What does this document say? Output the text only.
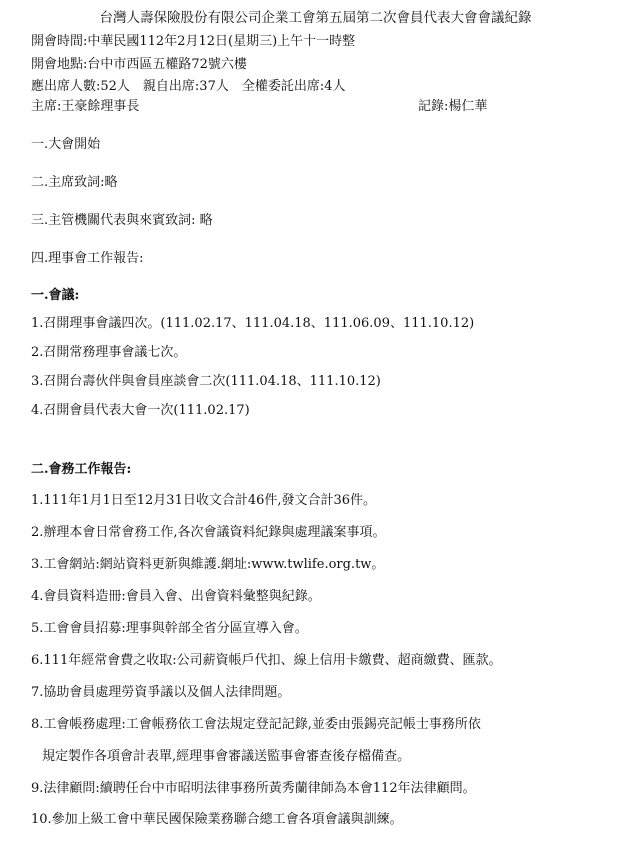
台灣人壽保險股份有限公司企業工會第五屆第二次會員代表大會會議紀錄
開會時間:中華民國112年2月12日(星期三)上午十一時整
開會地點:台中市西區五權路72號六樓
應出席人數:52人　親自出席:37人　全權委託出席:4人
主席:王豪餘理事長	記錄:楊仁華
一.大會開始
二.主席致詞:略
三.主管機關代表與來賓致詞: 略
四.理事會工作報告:
一.會議:
1.召開理事會議四次。(111.02.17、111.04.18、111.06.09、111.10.12)
2.召開常務理事會議七次。
3.召開台壽伙伴與會員座談會二次(111.04.18、111.10.12)
4.召開會員代表大會一次(111.02.17)
二.會務工作報告:
1.111年1月1日至12月31日收文合計46件,發文合計36件。
2.辦理本會日常會務工作,各次會議資料紀錄與處理議案事項。
3.工會網站:網站資料更新與維護.網址:www.twlife.org.tw。
4.會員資料造冊:會員入會、出會資料彙整與紀錄。
5.工會會員招募:理事與幹部全省分區宣導入會。
6.111年經常會費之收取:公司薪資帳戶代扣、線上信用卡繳費、超商繳費、匯款。
7.協助會員處理勞資爭議以及個人法律問題。
8.工會帳務處理:工會帳務依工會法規定登記記錄,並委由張錫亮記帳士事務所依
規定製作各項會計表單,經理事會審議送監事會審查後存檔備查。
9.法律顧問:續聘任台中市昭明法律事務所黃秀蘭律師為本會112年法律顧問。
10.參加上級工會中華民國保險業務聯合總工會各項會議與訓練。
